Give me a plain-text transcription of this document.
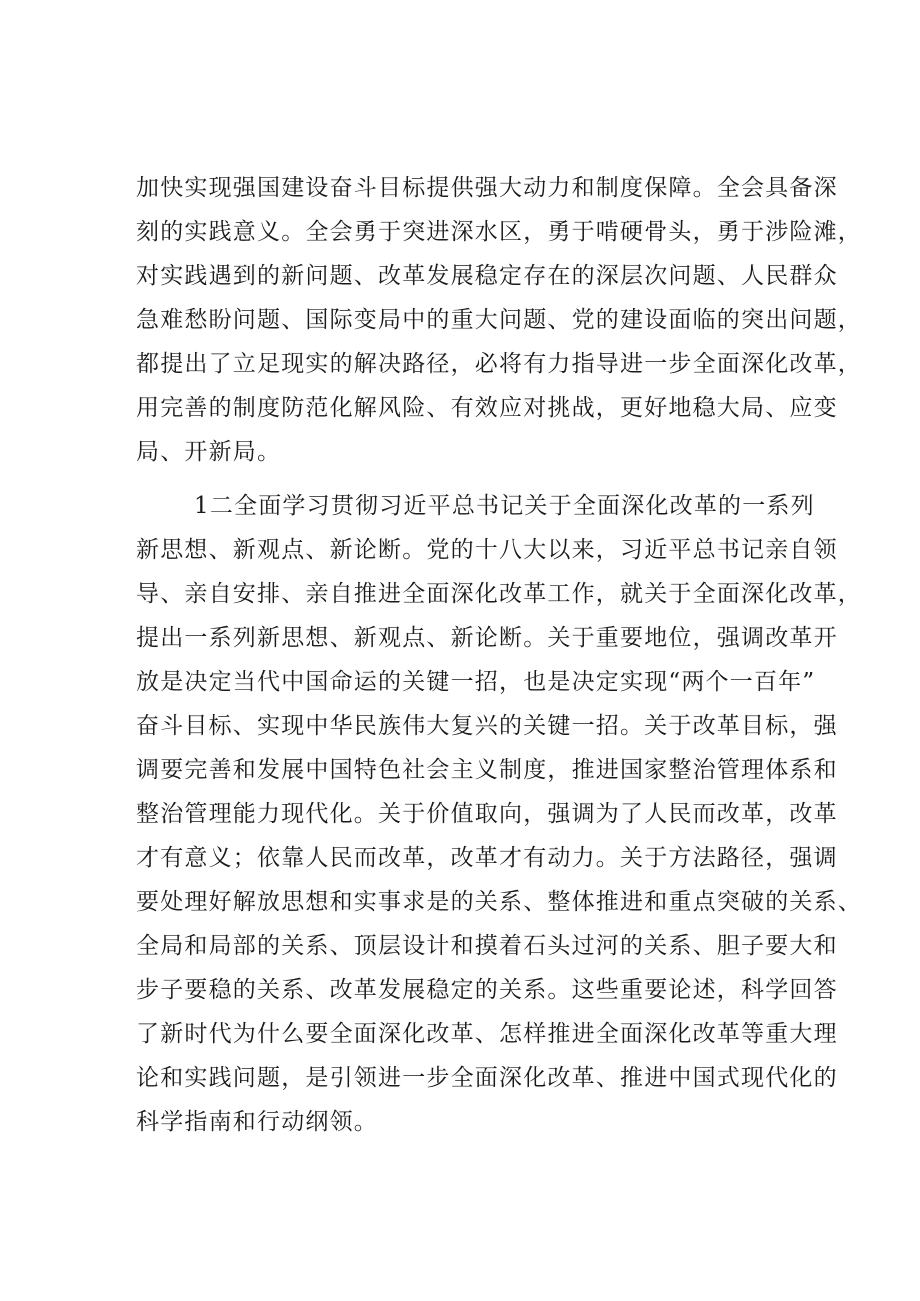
加快实现强国建设奋斗目标提供强大动力和制度保障。全会具备深
刻的实践意义。全会勇于突进深水区，勇于啃硬骨头，勇于涉险滩，
对实践遇到的新问题、改革发展稳定存在的深层次问题、人民群众
急难愁盼问题、国际变局中的重大问题、党的建设面临的突出问题，
都提出了立足现实的解决路径，必将有力指导进一步全面深化改革，
用完善的制度防范化解风险、有效应对挑战，更好地稳大局、应变
局、开新局。
1二全面学习贯彻习近平总书记关于全面深化改革的一系列
新思想、新观点、新论断。党的十八大以来，习近平总书记亲自领
导、亲自安排、亲自推进全面深化改革工作，就关于全面深化改革，
提出一系列新思想、新观点、新论断。关于重要地位，强调改革开
放是决定当代中国命运的关键一招，也是决定实现“两个一百年”
奋斗目标、实现中华民族伟大复兴的关键一招。关于改革目标，强
调要完善和发展中国特色社会主义制度，推进国家整治管理体系和
整治管理能力现代化。关于价值取向，强调为了人民而改革，改革
才有意义；依靠人民而改革，改革才有动力。关于方法路径，强调
要处理好解放思想和实事求是的关系、整体推进和重点突破的关系、
全局和局部的关系、顶层设计和摸着石头过河的关系、胆子要大和
步子要稳的关系、改革发展稳定的关系。这些重要论述，科学回答
了新时代为什么要全面深化改革、怎样推进全面深化改革等重大理
论和实践问题，是引领进一步全面深化改革、推进中国式现代化的
科学指南和行动纲领。
